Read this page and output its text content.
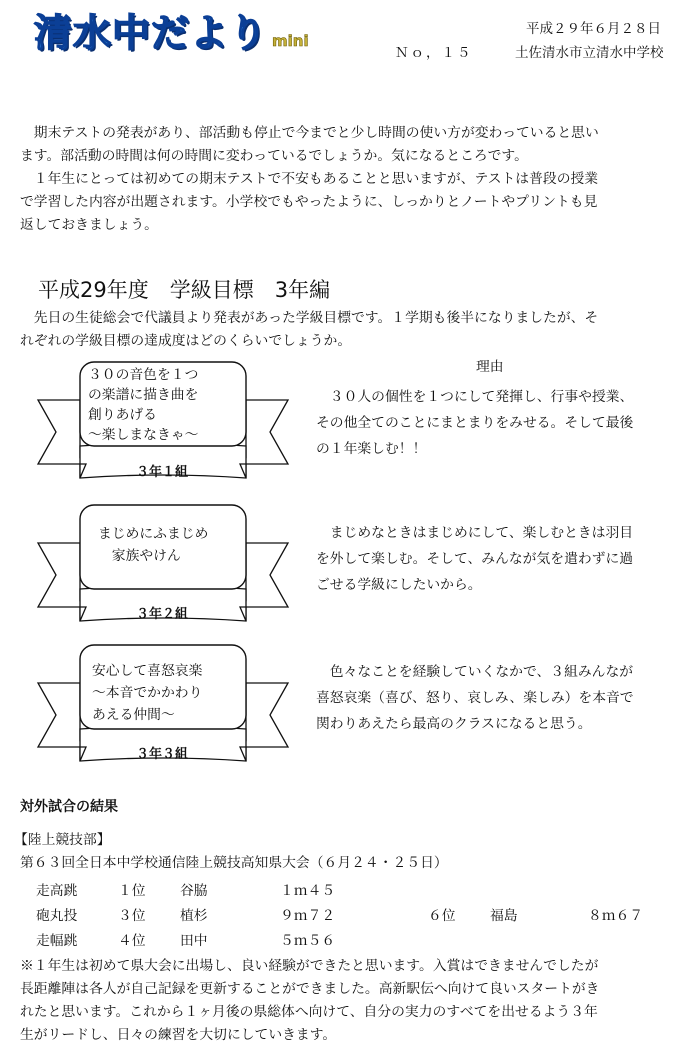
清水中だより mini
平成２９年６月２８日
Ｎｏ，１５	土佐清水市立清水中学校

　期末テストの発表があり、部活動も停止で今までと少し時間の使い方が変わっていると思い

ます。部活動の時間は何の時間に変わっているでしょうか。気になるところです。

　１年生にとっては初めての期末テストで不安もあることと思いますが、テストは普段の授業

で学習した内容が出題されます。小学校でもやったように、しっかりとノートやプリントも見

返しておきましょう。

平成29年度　学級目標　3年編

　先日の生徒総会で代議員より発表があった学級目標です。１学期も後半になりましたが、そ

れぞれの学級目標の達成度はどのくらいでしょうか。

理由
３０の音色を１つ
の楽譜に描き曲を
創りあげる
～楽しまなきゃ～
３年１組
　３０人の個性を１つにして発揮し、行事や授業、
その他全てのことにまとまりをみせる。そして最後
の１年楽しむ！！
まじめにふまじめ
　家族やけん
３年２組
　まじめなときはまじめにして、楽しむときは羽目
を外して楽しむ。そして、みんなが気を遣わずに過
ごせる学級にしたいから。
安心して喜怒哀楽
～本音でかかわり
あえる仲間～
３年３組
　色々なことを経験していくなかで、３組みんなが
喜怒哀楽（喜び、怒り、哀しみ、楽しみ）を本音で
関わりあえたら最高のクラスになると思う。
対外試合の結果
【陸上競技部】
第６３回全日本中学校通信陸上競技高知県大会（６月２４・２５日）
走高跳	１位 谷脇	１ｍ４５
砲丸投	３位 植杉	９ｍ７２	６位 福島	８ｍ６７
走幅跳	４位 田中	５ｍ５６

※１年生は初めて県大会に出場し、良い経験ができたと思います。入賞はできませんでしたが

長距離陣は各人が自己記録を更新することができました。高新駅伝へ向けて良いスタートがき

れたと思います。これから１ヶ月後の県総体へ向けて、自分の実力のすべてを出せるよう３年

生がリードし、日々の練習を大切にしていきます。
